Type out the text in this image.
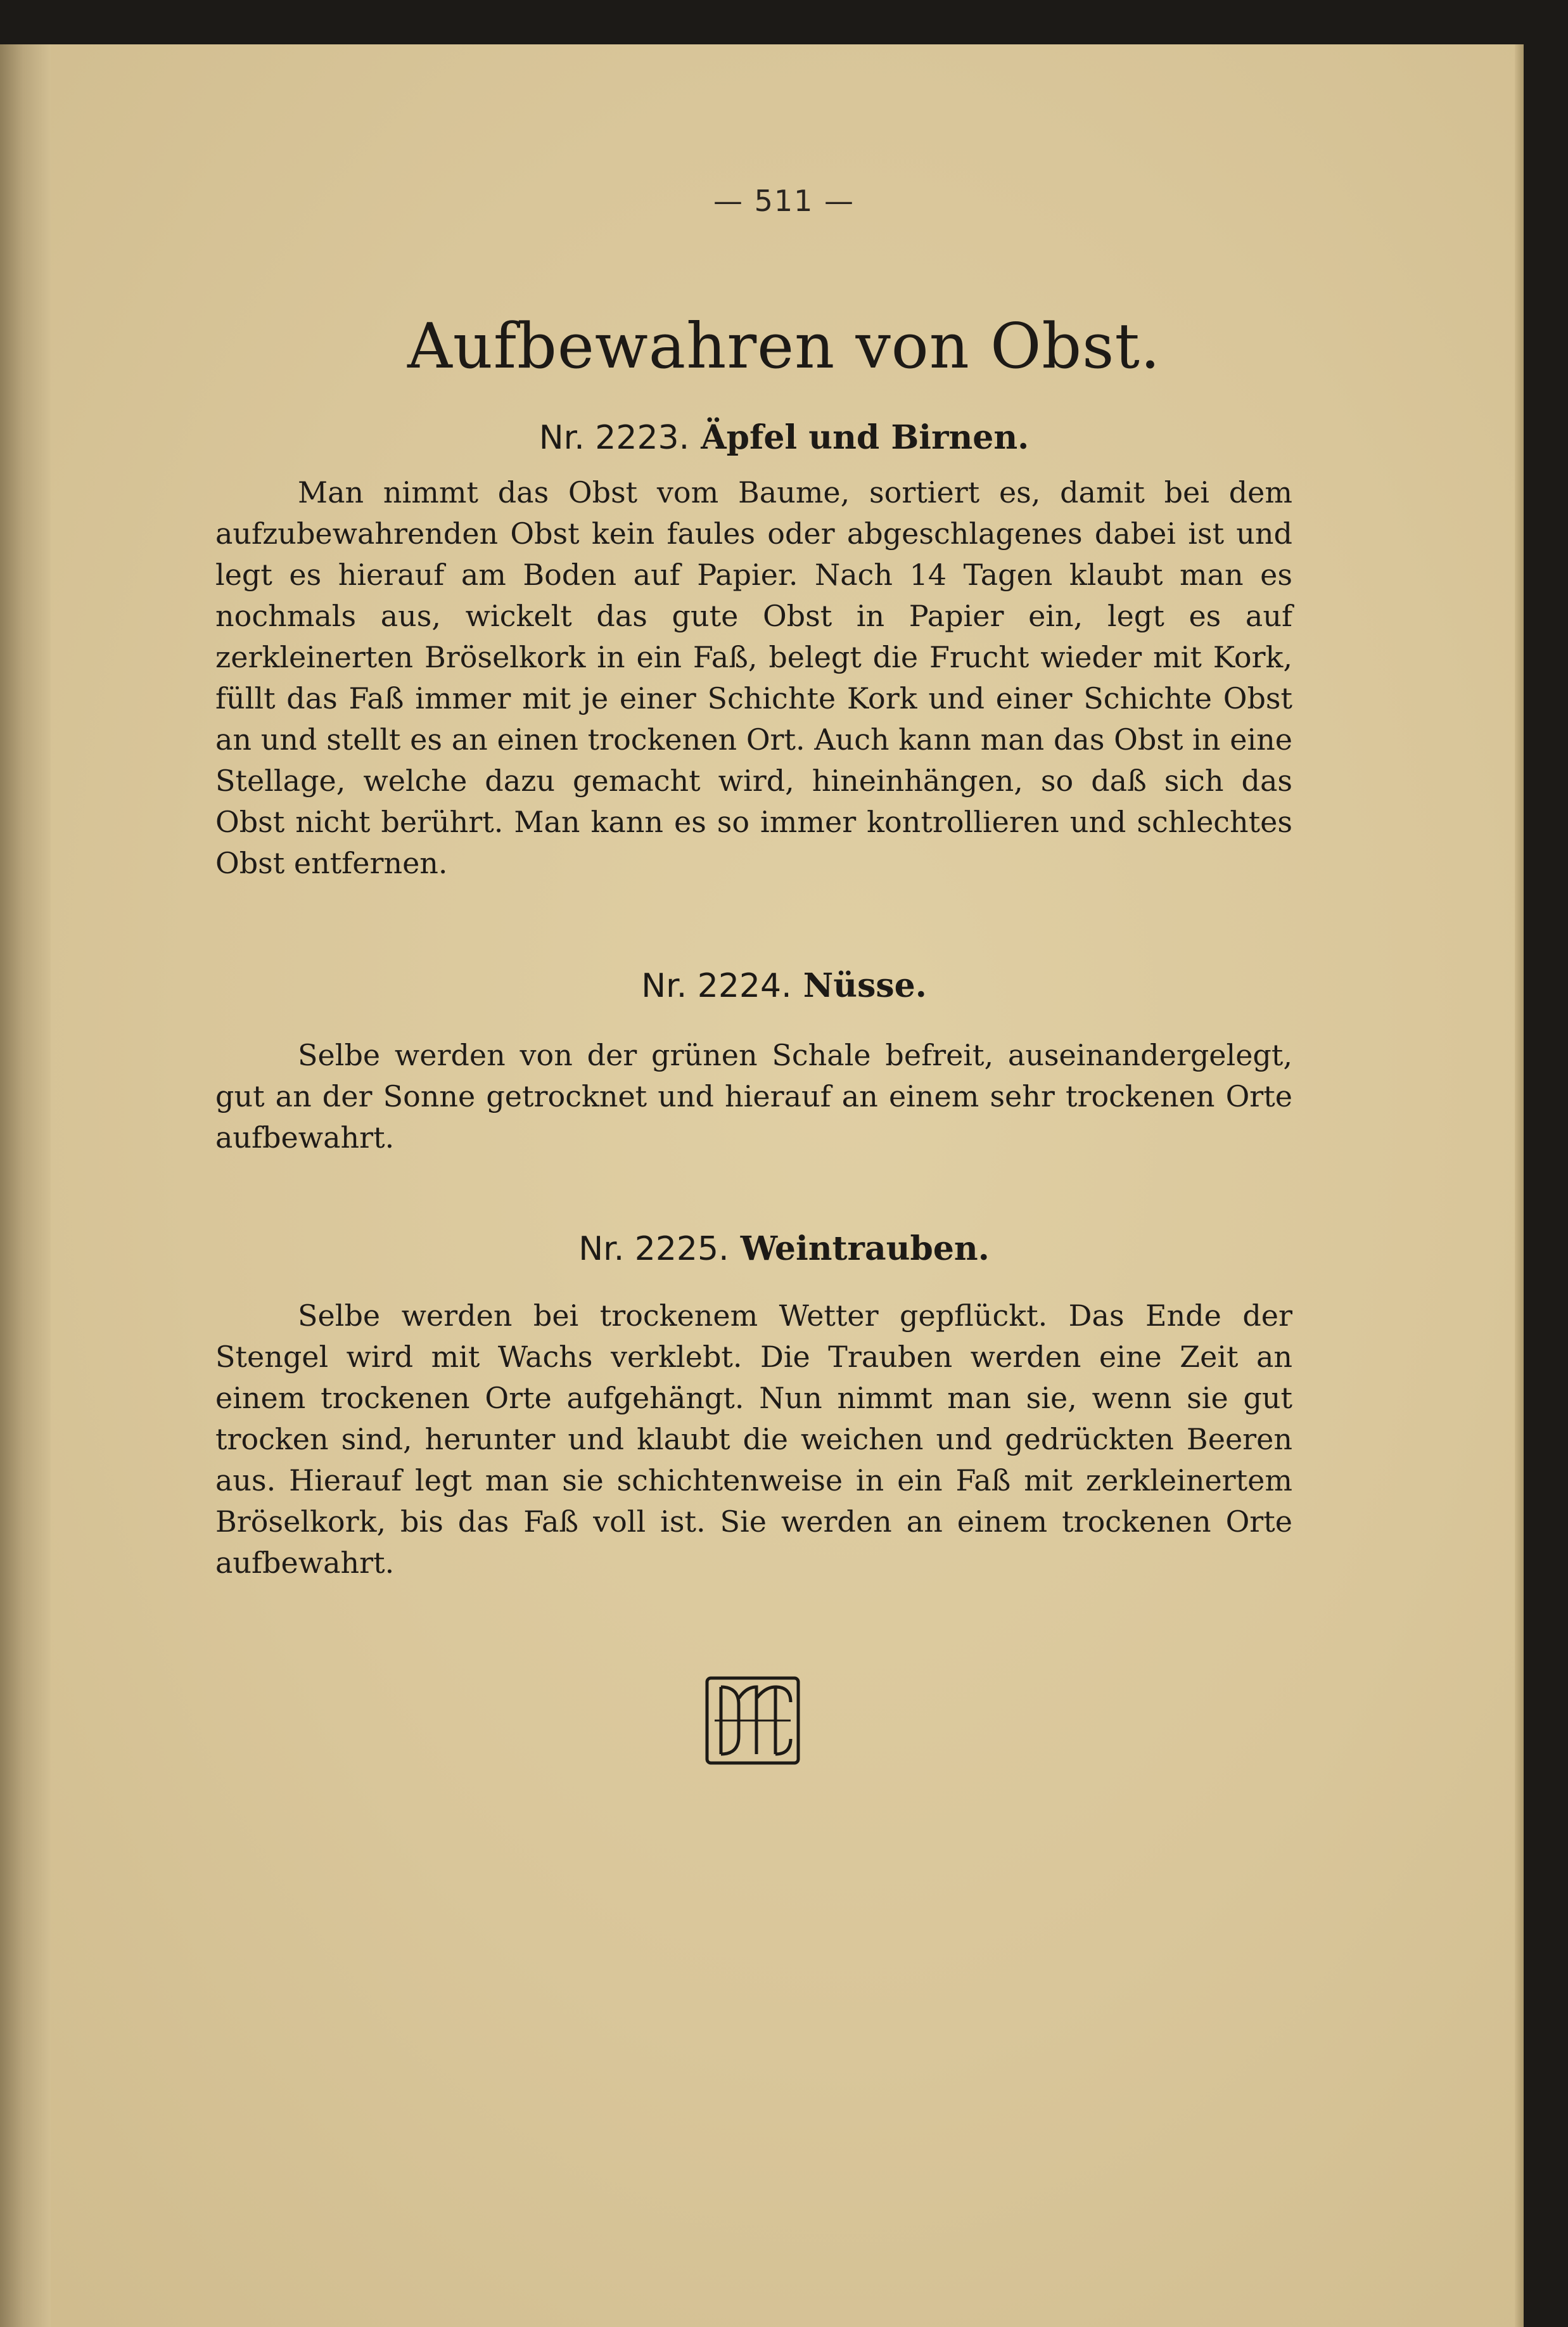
— 511 —
Aufbewahren von Obst.
Nr. 2223. Äpfel und Birnen.

Man nimmt das Obst vom Baume, sortiert es, damit bei dem aufzubewahrenden Obst kein faules oder abgeschlagenes dabei ist und legt es hierauf am Boden auf Papier. Nach 14 Tagen klaubt man es nochmals aus, wickelt das gute Obst in Papier ein, legt es auf zerkleinerten Bröselkork in ein Faß, belegt die Frucht wieder mit Kork, füllt das Faß immer mit je einer Schichte Kork und einer Schichte Obst an und stellt es an einen trockenen Ort. Auch kann man das Obst in eine Stellage, welche dazu gemacht wird, hineinhängen, so daß sich das Obst nicht berührt. Man kann es so immer kontrollieren und schlechtes Obst entfernen.

Nr. 2224. Nüsse.

Selbe werden von der grünen Schale befreit, auseinandergelegt, gut an der Sonne getrocknet und hierauf an einem sehr trockenen Orte aufbewahrt.

Nr. 2225. Weintrauben.

Selbe werden bei trockenem Wetter gepflückt. Das Ende der Stengel wird mit Wachs verklebt. Die Trauben werden eine Zeit an einem trockenen Orte aufgehängt. Nun nimmt man sie, wenn sie gut trocken sind, herunter und klaubt die weichen und gedrückten Beeren aus. Hierauf legt man sie schichtenweise in ein Faß mit zerkleinertem Bröselkork, bis das Faß voll ist. Sie werden an einem trockenen Orte aufbewahrt.
